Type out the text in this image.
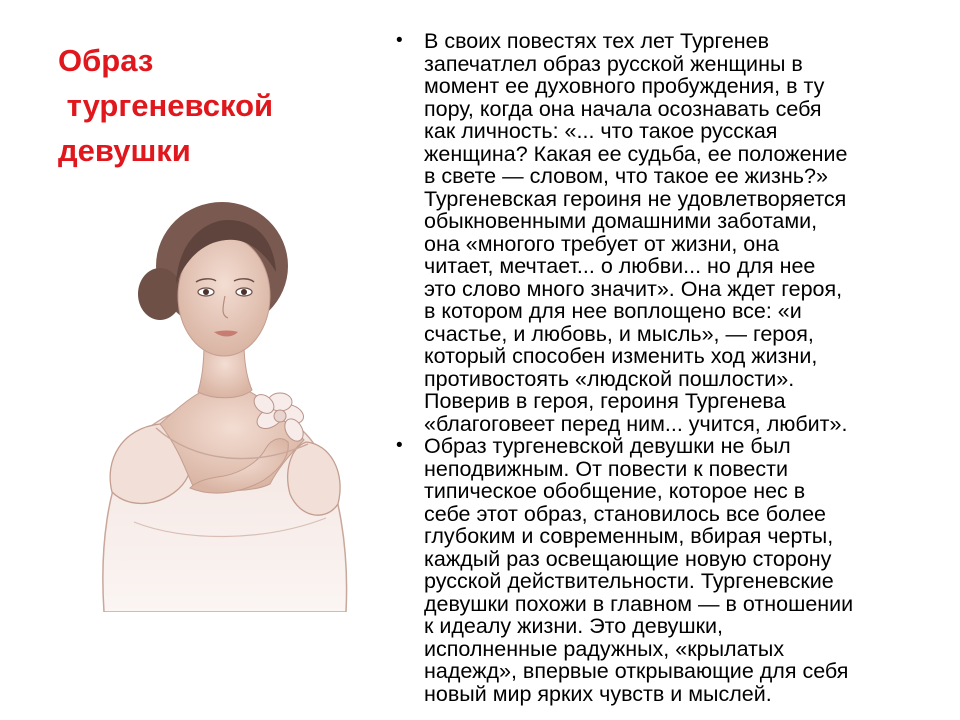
Образ
тургеневской
девушки
• В своих повестях тех лет Тургенев
запечатлел образ русской женщины в
момент ее духовного пробуждения, в ту
пору, когда она начала осознавать себя
как личность: «... что такое русская
женщина? Какая ее судьба, ее положение
в свете — словом, что такое ее жизнь?»
Тургеневская героиня не удовлетворяется
обыкновенными домашними заботами,
она «многого требует от жизни, она
читает, мечтает... о любви... но для нее
это слово много значит». Она ждет героя,
в котором для нее воплощено все: «и
счастье, и любовь, и мысль», — героя,
который способен изменить ход жизни,
противостоять «людской пошлости».
Поверив в героя, героиня Тургенева
«благоговеет перед ним... учится, любит».
• Образ тургеневской девушки не был
неподвижным. От повести к повести
типическое обобщение, которое нес в
себе этот образ, становилось все более
глубоким и современным, вбирая черты,
каждый раз освещающие новую сторону
русской действительности. Тургеневские
девушки похожи в главном — в отношении
к идеалу жизни. Это девушки,
исполненные радужных, «крылатых
надежд», впервые открывающие для себя
новый мир ярких чувств и мыслей.
